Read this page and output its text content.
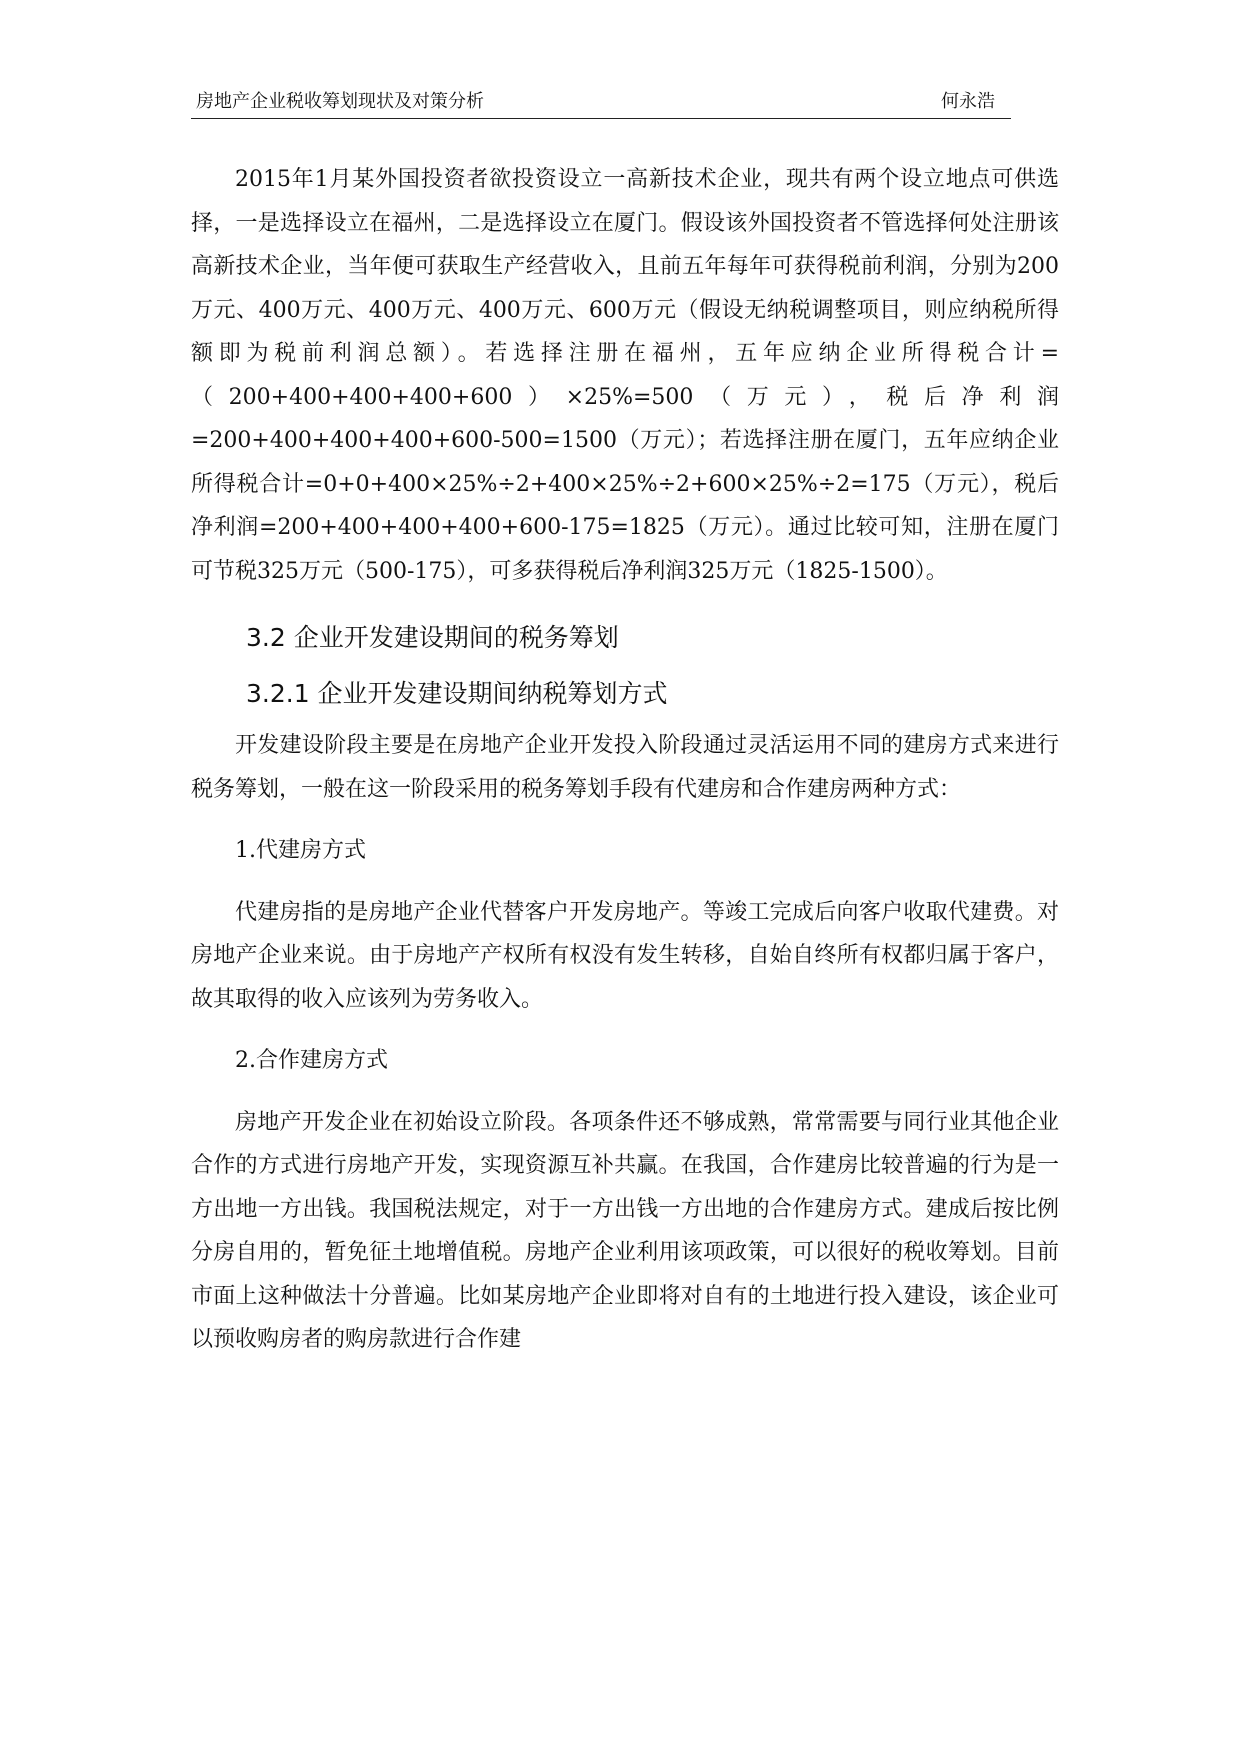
房地产企业税收筹划现状及对策分析	何永浩

2015年1月某外国投资者欲投资设立一高新技术企业，现共有两个设立地点可供选择，一是选择设立在福州，二是选择设立在厦门。假设该外国投资者不管选择何处注册该高新技术企业，当年便可获取生产经营收入，且前五年每年可获得税前利润，分别为200万元、400万元、400万元、400万元、600万元（假设无纳税调整项目，则应纳税所得额即为税前利润总额）。若选择注册在福州，五年应纳企业所得税合计=（200+400+400+400+600）×25%=500（万元），税后净利润=200+400+400+400+600-500=1500（万元）；若选择注册在厦门，五年应纳企业所得税合计=0+0+400×25%÷2+400×25%÷2+600×25%÷2=175（万元），税后净利润=200+400+400+400+600-175=1825（万元）。通过比较可知，注册在厦门可节税325万元（500-175），可多获得税后净利润325万元（1825-1500）。

3.2 企业开发建设期间的税务筹划

3.2.1 企业开发建设期间纳税筹划方式

开发建设阶段主要是在房地产企业开发投入阶段通过灵活运用不同的建房方式来进行税务筹划，一般在这一阶段采用的税务筹划手段有代建房和合作建房两种方式：

1.代建房方式

代建房指的是房地产企业代替客户开发房地产。等竣工完成后向客户收取代建费。对房地产企业来说。由于房地产产权所有权没有发生转移，自始自终所有权都归属于客户，故其取得的收入应该列为劳务收入。

2.合作建房方式

房地产开发企业在初始设立阶段。各项条件还不够成熟，常常需要与同行业其他企业合作的方式进行房地产开发，实现资源互补共赢。在我国，合作建房比较普遍的行为是一方出地一方出钱。我国税法规定，对于一方出钱一方出地的合作建房方式。建成后按比例分房自用的，暂免征土地增值税。房地产企业利用该项政策，可以很好的税收筹划。目前市面上这种做法十分普遍。比如某房地产企业即将对自有的土地进行投入建设，该企业可以预收购房者的购房款进行合作建
